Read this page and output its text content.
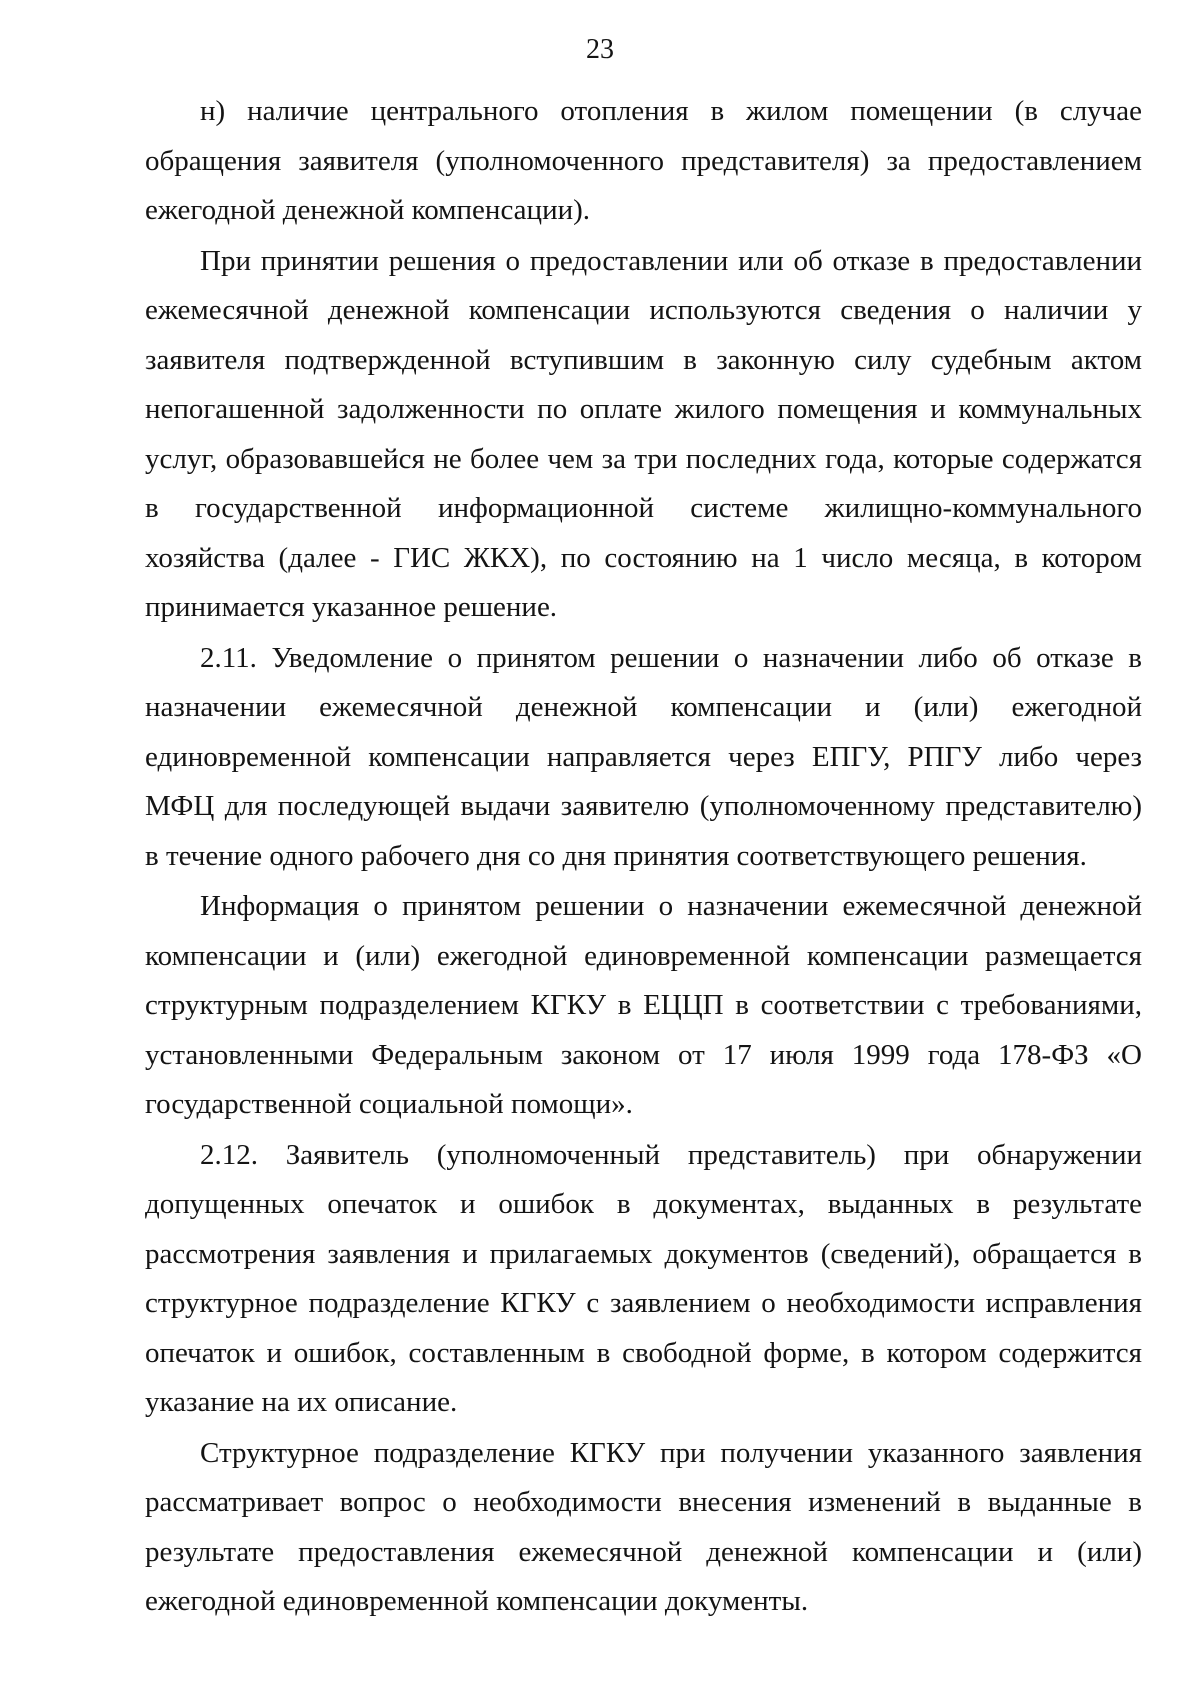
23

н) наличие центрального отопления в жилом помещении (в случае обращения заявителя (уполномоченного представителя) за предоставлением ежегодной денежной компенсации).

При принятии решения о предоставлении или об отказе в предоставлении ежемесячной денежной компенсации используются сведения о наличии у заявителя подтвержденной вступившим в законную силу судебным актом непогашенной задолженности по оплате жилого помещения и коммунальных услуг, образовавшейся не более чем за три последних года, которые содержатся в государственной информационной системе жилищно-коммунального хозяйства (далее - ГИС ЖКХ), по состоянию на 1 число месяца, в котором принимается указанное решение.

2.11. Уведомление о принятом решении о назначении либо об отказе в назначении ежемесячной денежной компенсации и (или) ежегодной единовременной компенсации направляется через ЕПГУ, РПГУ либо через МФЦ для последующей выдачи заявителю (уполномоченному представителю) в течение одного рабочего дня со дня принятия соответствующего решения.

Информация о принятом решении о назначении ежемесячной денежной компенсации и (или) ежегодной единовременной компенсации размещается структурным подразделением КГКУ в ЕЦЦП в соответствии с требованиями, установленными Федеральным законом от 17 июля 1999 года 178-ФЗ «О государственной социальной помощи».

2.12. Заявитель (уполномоченный представитель) при обнаружении допущенных опечаток и ошибок в документах, выданных в результате рассмотрения заявления и прилагаемых документов (сведений), обращается в структурное подразделение КГКУ с заявлением о необходимости исправления опечаток и ошибок, составленным в свободной форме, в котором содержится указание на их описание.

Структурное подразделение КГКУ при получении указанного заявления рассматривает вопрос о необходимости внесения изменений в выданные в результате предоставления ежемесячной денежной компенсации и (или) ежегодной единовременной компенсации документы.
